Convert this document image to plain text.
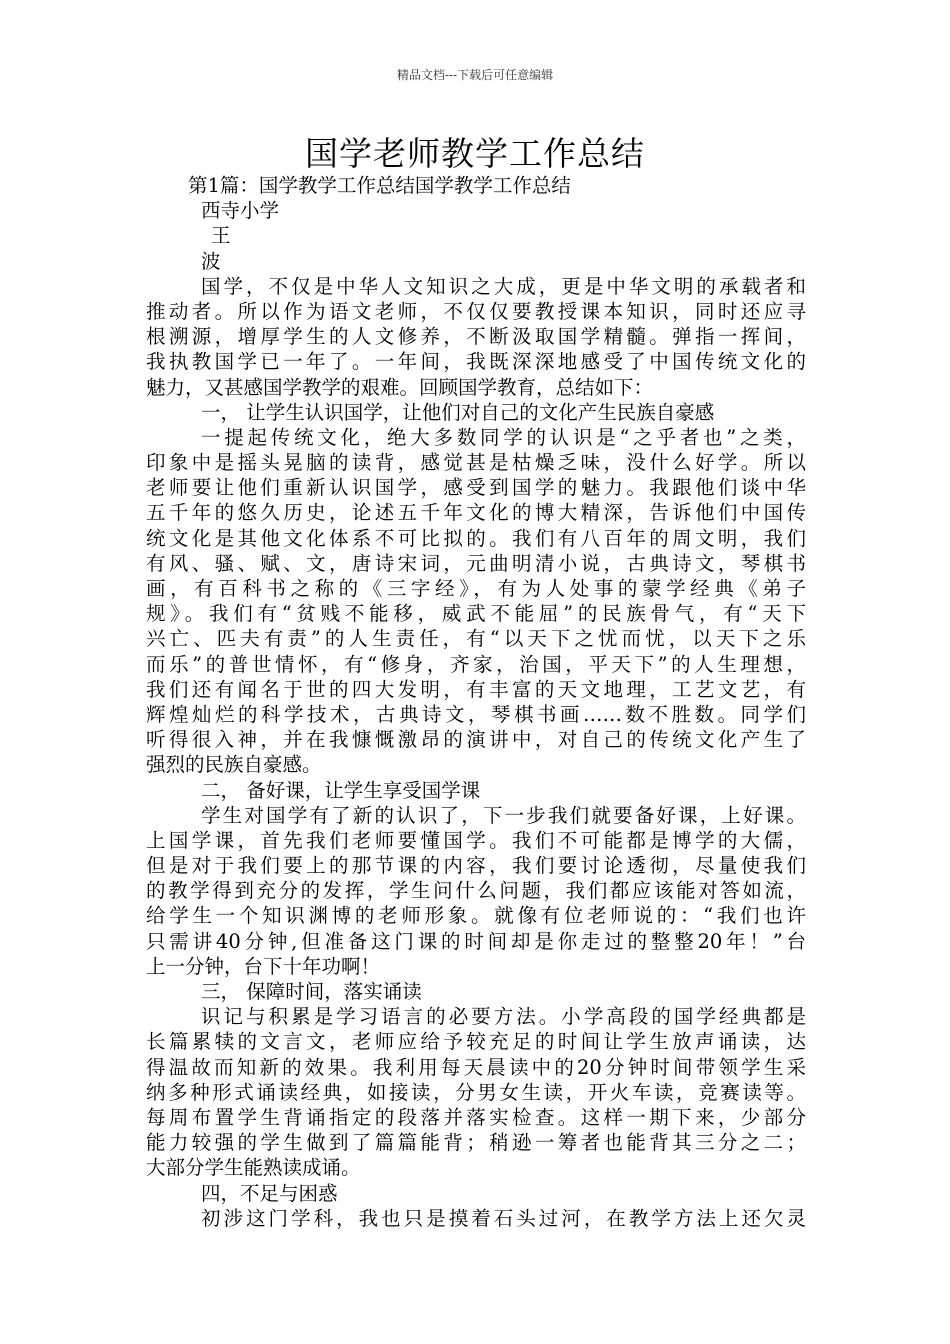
精品文档---下载后可任意编辑
国学老师教学工作总结
第1篇：国学教学工作总结国学教学工作总结
西寺小学
王
波
国学，不仅是中华人文知识之大成，更是中华文明的承载者和
推动者。所以作为语文老师，不仅仅要教授课本知识，同时还应寻
根溯源，增厚学生的人文修养，不断汲取国学精髓。弹指一挥间，
我执教国学已一年了。一年间，我既深深地感受了中国传统文化的
魅力，又甚感国学教学的艰难。回顾国学教育，总结如下：
一， 让学生认识国学，让他们对自己的文化产生民族自豪感
一提起传统文化，绝大多数同学的认识是“之乎者也”之类，
印象中是摇头晃脑的读背，感觉甚是枯燥乏味，没什么好学。所以
老师要让他们重新认识国学，感受到国学的魅力。我跟他们谈中华
五千年的悠久历史，论述五千年文化的博大精深，告诉他们中国传
统文化是其他文化体系不可比拟的。我们有八百年的周文明，我们
有风、骚、赋、文，唐诗宋词，元曲明清小说，古典诗文，琴棋书
画，有百科书之称的《三字经》，有为人处事的蒙学经典《弟子
规》。我们有“贫贱不能移，威武不能屈”的民族骨气，有“天下
兴亡、匹夫有责”的人生责任，有“以天下之忧而忧，以天下之乐
而乐”的普世情怀，有“修身，齐家，治国，平天下”的人生理想，
我们还有闻名于世的四大发明，有丰富的天文地理，工艺文艺，有
辉煌灿烂的科学技术，古典诗文，琴棋书画……数不胜数。同学们
听得很入神，并在我慷慨激昂的演讲中，对自己的传统文化产生了
强烈的民族自豪感。
二， 备好课，让学生享受国学课
学生对国学有了新的认识了，下一步我们就要备好课，上好课。
上国学课，首先我们老师要懂国学。我们不可能都是博学的大儒，
但是对于我们要上的那节课的内容，我们要讨论透彻，尽量使我们
的教学得到充分的发挥，学生问什么问题，我们都应该能对答如流，
给学生一个知识渊博的老师形象。就像有位老师说的：“我们也许
只需讲40分钟,但准备这门课的时间却是你走过的整整20年！”台
上一分钟，台下十年功啊！
三， 保障时间，落实诵读
识记与积累是学习语言的必要方法。小学高段的国学经典都是
长篇累犊的文言文，老师应给予较充足的时间让学生放声诵读，达
得温故而知新的效果。我利用每天晨读中的20分钟时间带领学生采
纳多种形式诵读经典，如接读，分男女生读，开火车读，竞赛读等。
每周布置学生背诵指定的段落并落实检查。这样一期下来，少部分
能力较强的学生做到了篇篇能背；稍逊一筹者也能背其三分之二；
大部分学生能熟读成诵。
四，不足与困惑
初涉这门学科，我也只是摸着石头过河，在教学方法上还欠灵
